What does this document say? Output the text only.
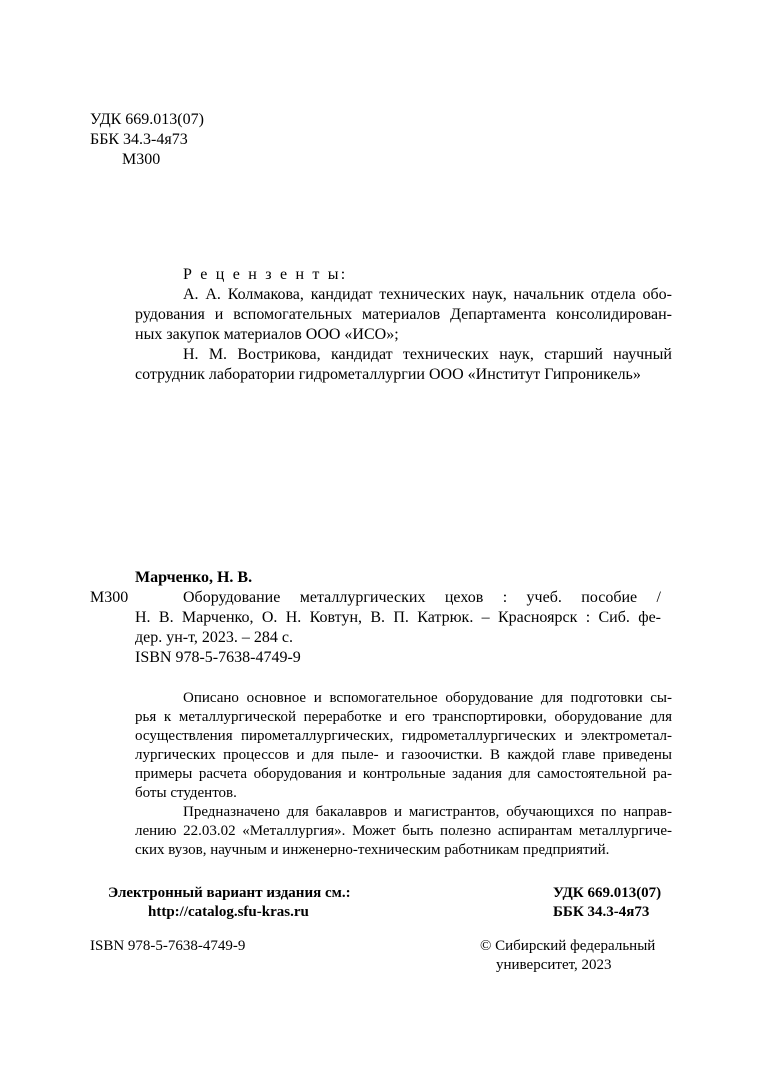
УДК 669.013(07)
ББК 34.3-4я73
М300
Р е ц е н з е н т ы:
А. А. Колмакова, кандидат технических наук, начальник отдела обо-
рудования и вспомогательных материалов Департамента консолидирован-
ных закупок материалов ООО «ИСО»;
Н. М. Вострикова, кандидат технических наук, старший научный
сотрудник лаборатории гидрометаллургии ООО «Институт Гипроникель»
Марченко, Н. В.
М300	Оборудование металлургических цехов : учеб. пособие /
Н. В. Марченко, О. Н. Ковтун, В. П. Катрюк. – Красноярск : Сиб. фе-
дер. ун-т, 2023. – 284 с.
ISBN 978-5-7638-4749-9
Описано основное и вспомогательное оборудование для подготовки сы-
рья к металлургической переработке и его транспортировки, оборудование для
осуществления пирометаллургических, гидрометаллургических и электрометал-
лургических процессов и для пыле- и газоочистки. В каждой главе приведены
примеры расчета оборудования и контрольные задания для самостоятельной ра-
боты студентов.
Предназначено для бакалавров и магистрантов, обучающихся по направ-
лению 22.03.02 «Металлургия». Может быть полезно аспирантам металлургиче-
ских вузов, научным и инженерно-техническим работникам предприятий.
Электронный вариант издания см.:
http://catalog.sfu-kras.ru
УДК 669.013(07)
ББК 34.3-4я73
ISBN 978-5-7638-4749-9	© Сибирский федеральный
университет, 2023
